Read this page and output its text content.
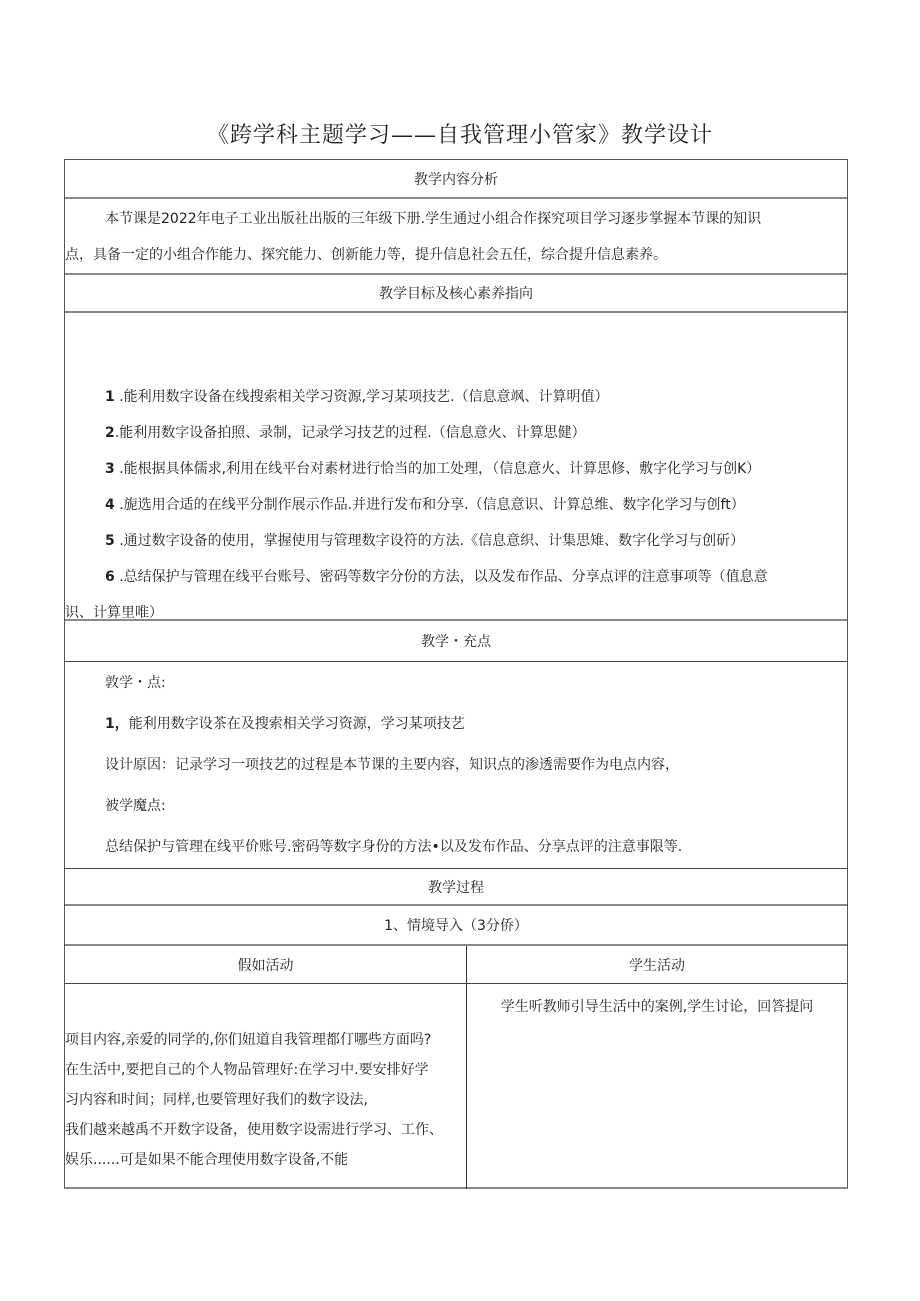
《跨学科主题学习——自我管理小管家》教学设计
教学内容分析
本节课是2022年电子工业出版社出版的三年级下册.学生通过小组合作探究项目学习逐步掌握本节课的知识
点，具备一定的小组合作能力、探究能力、创新能力等，提升信息社会五任，综合提升信息素养。
教学目标及核心素养指向
1 .能利用数字设备在线搜索相关学习资源,学习某项技艺.（信息意飒、计算明值）
2.能利用数字设备拍照、录制，记录学习技艺的过程.（信息意火、计算思健）
3 .能根据具体儒求,利用在线平台对素材进行恰当的加工处理，（信息意火、计算思修、敷字化学习与创K）
4 .旎选用合适的在线平分制作展示作品.并进行发布和分享.（信息意识、计算总维、数字化学习与创ft）
5 .通过数字设备的使用，掌握使用与管理数字设符的方法.《信息意织、计集思雉、数字化学习与创斫）
6 .总结保护与管理在线平台账号、密码等数字分份的方法，以及发布作品、分享点评的注意事项等（值息意
识、计算里唯）
教学・充点
敦学・点:
1，能利用数字设茶在及搜索相关学习资源，学习某项技艺
设计原因：记录学习一项技艺的过程是本节课的主要内容，知识点的渗透需要作为电点内容，
被学魔点:
总结保护与管理在线平价账号.密码等数字身份的方法•以及发布作品、分享点评的注意事限等.
教学过程
1、情境导入（3分侨）
假如活动	学生活动
项目内容,亲爱的同学的,你们妞道自我管理都仃哪些方面吗?
在生活中,要把自己的个人物品管理好:在学习中.要安排好学
习内容和时间；同样,也要管理好我们的数字设法,
我们越来越禹不开数字设备，使用数字设需进行学习、工作、
娱乐......可是如果不能合理使用数字设备,不能
学生听教师引导生活中的案例,学生讨论，回答提问
